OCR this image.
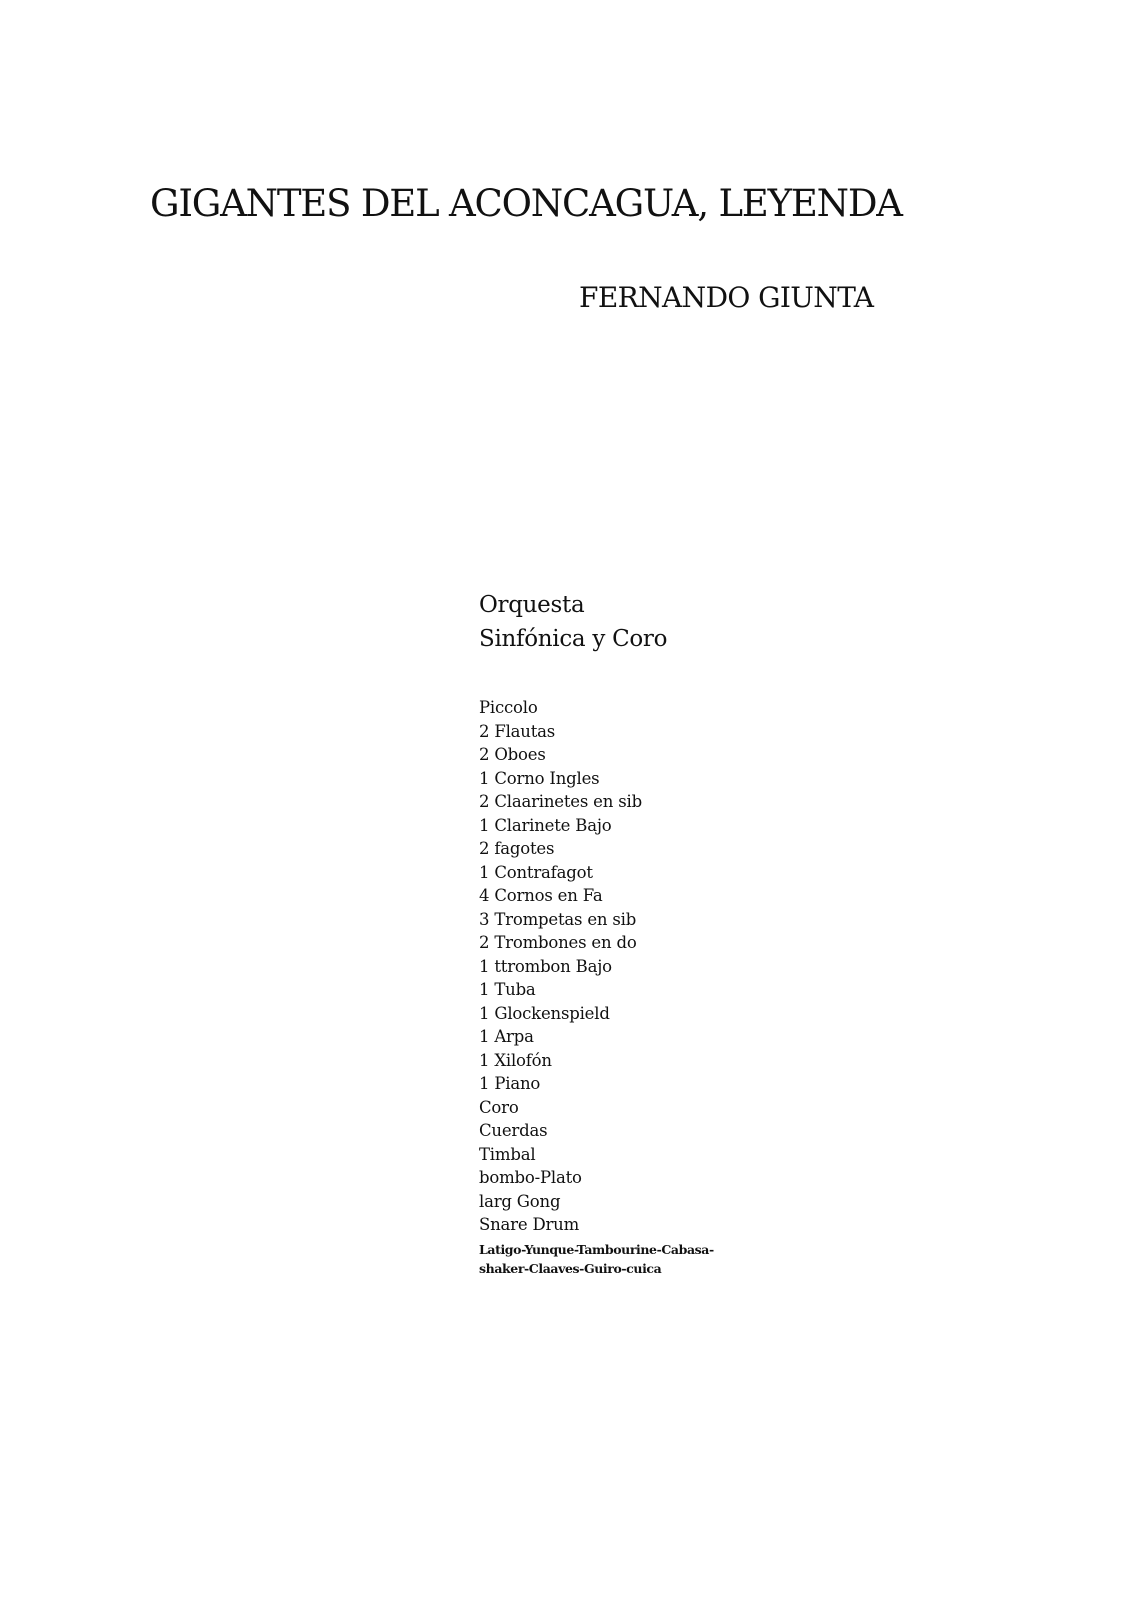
GIGANTES DEL ACONCAGUA, LEYENDA
FERNANDO GIUNTA
Orquesta
Sinfónica y Coro
Piccolo
2 Flautas
2 Oboes
1 Corno Ingles
2 Claarinetes en sib
1 Clarinete Bajo
2 fagotes
1 Contrafagot
4 Cornos en Fa
3 Trompetas en sib
2 Trombones en do
1 ttrombon Bajo
1 Tuba
1 Glockenspield
1 Arpa
1 Xilofón
1 Piano
Coro
Cuerdas
Timbal
bombo-Plato
larg Gong
Snare Drum
Latigo-Yunque-Tambourine-Cabasa-
shaker-Claaves-Guiro-cuica
